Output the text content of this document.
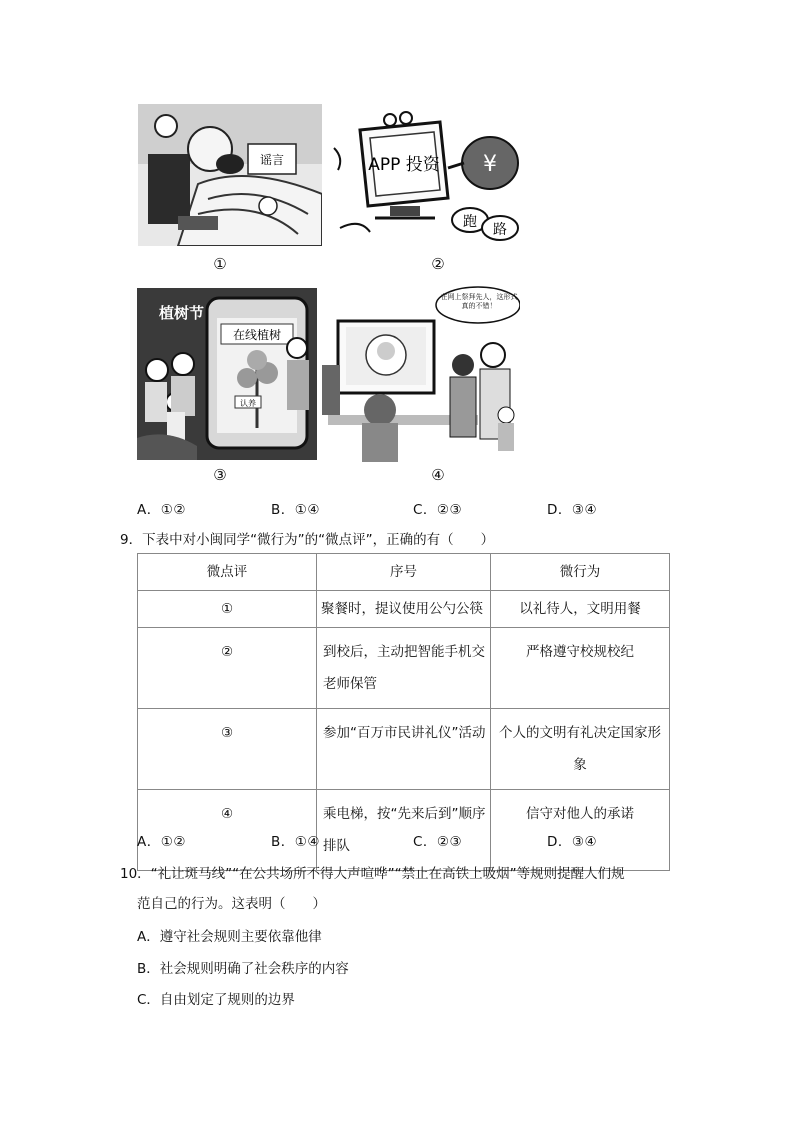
谣言
①
APP 投资 ¥
跑 路
②
在线植树
认养
植树节
③
在网上祭拜先人，这形式真的不错！
④
A．①②	B．①④	C．②③	D．③④
9．下表中对小闽同学“微行为”的“微点评”，正确的有（　　）
微点评	序号	微行为
①	聚餐时，提议使用公勺公筷	以礼待人，文明用餐
②	到校后，主动把智能手机交老师保管	严格遵守校规校纪
③	参加“百万市民讲礼仪”活动	个人的文明有礼决定国家形象
④	乘电梯，按“先来后到”顺序排队	信守对他人的承诺
A．①②	B．①④	C．②③	D．③④
10．“礼让斑马线”“在公共场所不得大声喧哗”“禁止在高铁上吸烟”等规则提醒人们规
范自己的行为。这表明（　　）
A．遵守社会规则主要依靠他律
B．社会规则明确了社会秩序的内容
C．自由划定了规则的边界
